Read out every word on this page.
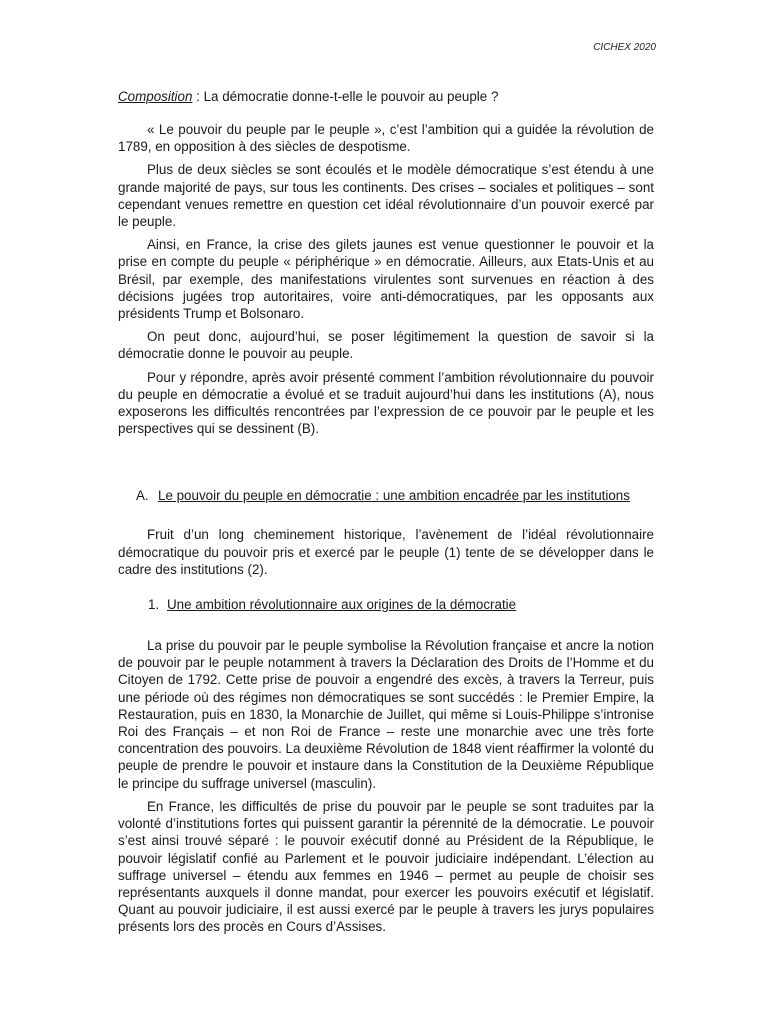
CICHEX 2020
Composition : La démocratie donne-t-elle le pouvoir au peuple ?

« Le pouvoir du peuple par le peuple », c’est l’ambition qui a guidée la révolution de 1789, en opposition à des siècles de despotisme.

Plus de deux siècles se sont écoulés et le modèle démocratique s’est étendu à une grande majorité de pays, sur tous les continents. Des crises – sociales et politiques – sont cependant venues remettre en question cet idéal révolutionnaire d’un pouvoir exercé par le peuple.

Ainsi, en France, la crise des gilets jaunes est venue questionner le pouvoir et la prise en compte du peuple « périphérique » en démocratie. Ailleurs, aux Etats-Unis et au Brésil, par exemple, des manifestations virulentes sont survenues en réaction à des décisions jugées trop autoritaires, voire anti-démocratiques, par les opposants aux présidents Trump et Bolsonaro.

On peut donc, aujourd’hui, se poser légitimement la question de savoir si la démocratie donne le pouvoir au peuple.

Pour y répondre, après avoir présenté comment l’ambition révolutionnaire du pouvoir du peuple en démocratie a évolué et se traduit aujourd’hui dans les institutions (A), nous exposerons les difficultés rencontrées par l’expression de ce pouvoir par le peuple et les perspectives qui se dessinent (B).

A. Le pouvoir du peuple en démocratie : une ambition encadrée par les institutions

Fruit d’un long cheminement historique, l’avènement de l’idéal révolutionnaire démocratique du pouvoir pris et exercé par le peuple (1) tente de se développer dans le cadre des institutions (2).

1. Une ambition révolutionnaire aux origines de la démocratie

La prise du pouvoir par le peuple symbolise la Révolution française et ancre la notion de pouvoir par le peuple notamment à travers la Déclaration des Droits de l’Homme et du Citoyen de 1792. Cette prise de pouvoir a engendré des excès, à travers la Terreur, puis une période où des régimes non démocratiques se sont succédés : le Premier Empire, la Restauration, puis en 1830, la Monarchie de Juillet, qui même si Louis-Philippe s’intronise Roi des Français – et non Roi de France – reste une monarchie avec une très forte concentration des pouvoirs. La deuxième Révolution de 1848 vient réaffirmer la volonté du peuple de prendre le pouvoir et instaure dans la Constitution de la Deuxième République le principe du suffrage universel (masculin).

En France, les difficultés de prise du pouvoir par le peuple se sont traduites par la volonté d’institutions fortes qui puissent garantir la pérennité de la démocratie. Le pouvoir s’est ainsi trouvé séparé : le pouvoir exécutif donné au Président de la République, le pouvoir législatif confié au Parlement et le pouvoir judiciaire indépendant. L’élection au suffrage universel – étendu aux femmes en 1946 – permet au peuple de choisir ses représentants auxquels il donne mandat, pour exercer les pouvoirs exécutif et législatif. Quant au pouvoir judiciaire, il est aussi exercé par le peuple à travers les jurys populaires présents lors des procès en Cours d’Assises.
